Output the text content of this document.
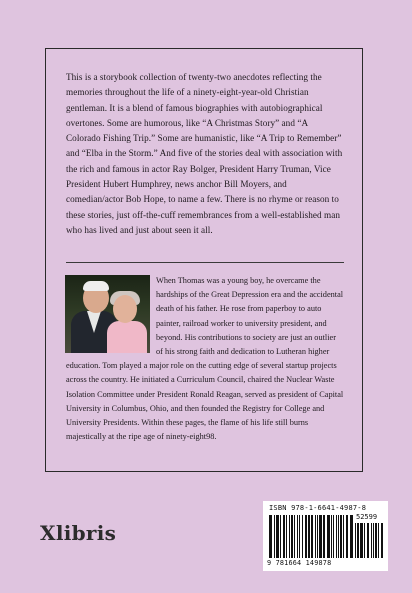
This is a storybook collection of twenty-two anecdotes reflecting the memories throughout the life of a ninety-eight-year-old Christian gentleman. It is a blend of famous biographies with autobiographical overtones. Some are humorous, like “A Christmas Story” and “A Colorado Fishing Trip.” Some are humanistic, like “A Trip to Remember” and “Elba in the Storm.” And five of the stories deal with association with the rich and famous in actor Ray Bolger, President Harry Truman, Vice President Hubert Humphrey, news anchor Bill Moyers, and comedian/actor Bob Hope, to name a few. There is no rhyme or reason to these stories, just off-the-cuff remembrances from a well-established man who has lived and just about seen it all.

When Thomas was a young boy, he overcame the hardships of the Great Depression era and the accidental death of his father. He rose from paperboy to auto painter, railroad worker to university president, and beyond. His contributions to society are just an outlier of his strong faith and dedication to Lutheran higher education. Tom played a major role on the cutting edge of several startup projects across the country. He initiated a Curriculum Council, chaired the Nuclear Waste Isolation Committee under President Ronald Reagan, served as president of Capital University in Columbus, Ohio, and then founded the Registry for College and University Presidents. Within these pages, the flame of his life still burns majestically at the ripe age of ninety-eight98.

Xlibris
ISBN 978-1-6641-4987-8
52599
9 781664 149878
